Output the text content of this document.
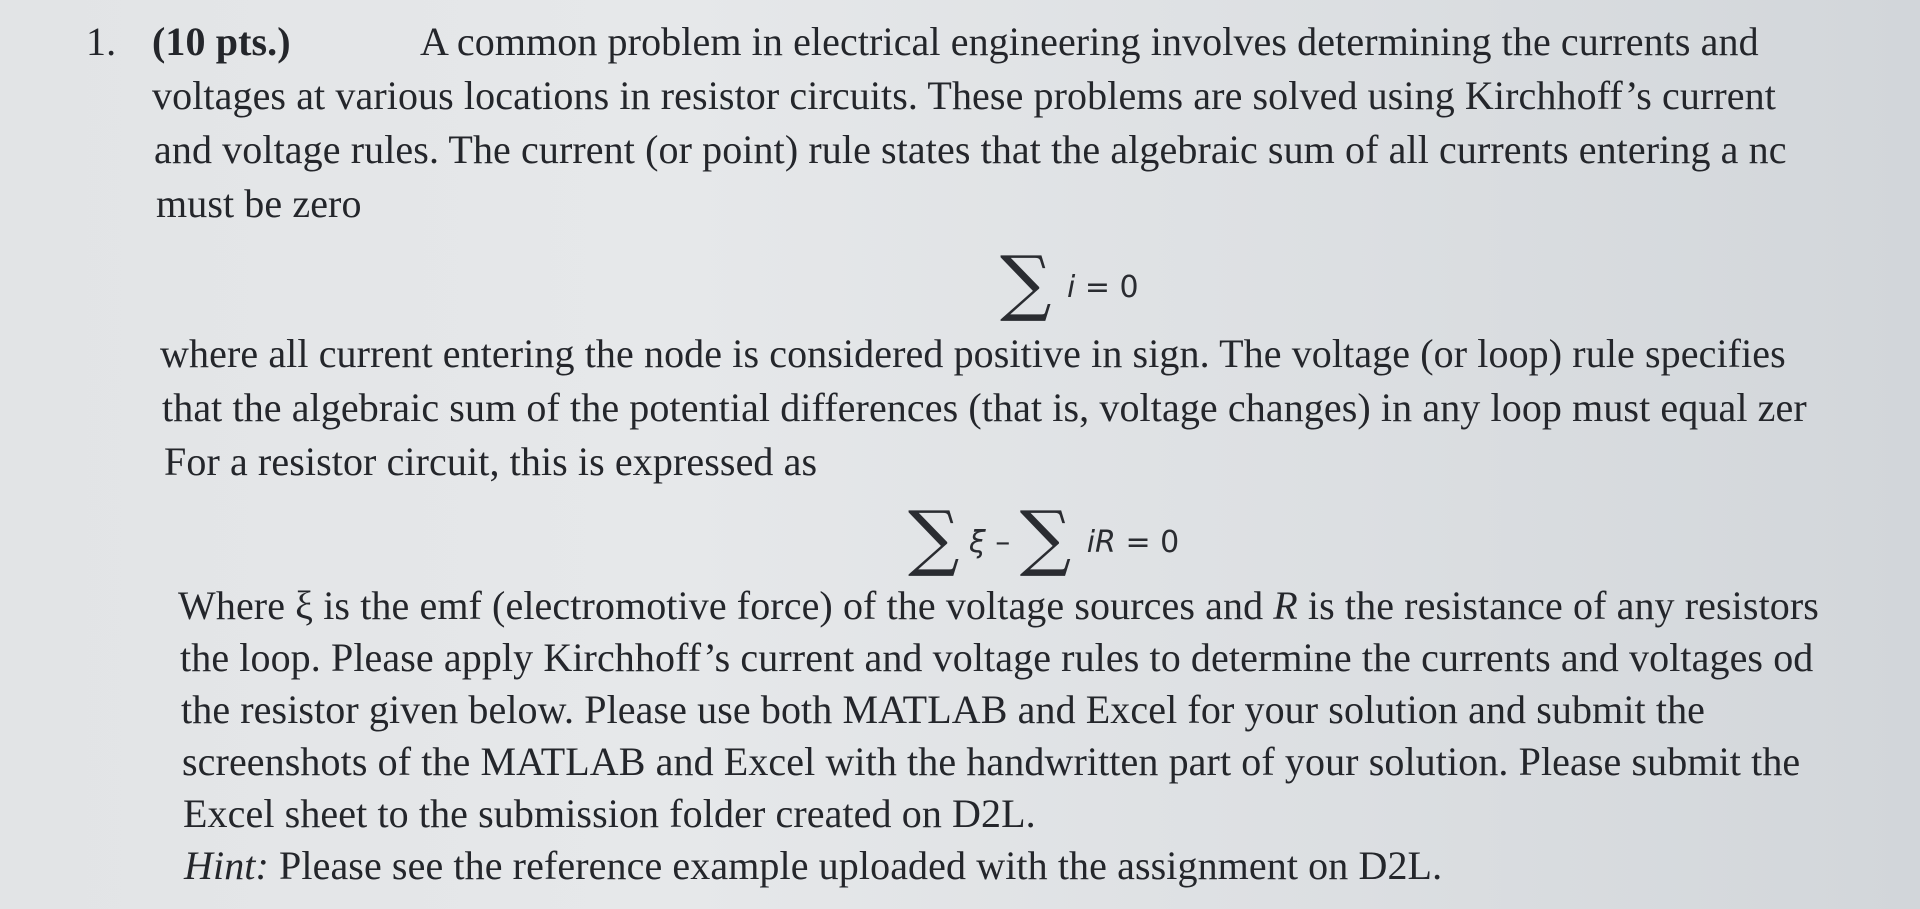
1. (10 pts.)	A common problem in electrical engineering involves determining the currents and
voltages at various locations in resistor circuits. These problems are solved using Kirchhoff’s current
and voltage rules. The current (or point) rule states that the algebraic sum of all currents entering a nc
must be zero
∑ i = 0
where all current entering the node is considered positive in sign. The voltage (or loop) rule specifies
that the algebraic sum of the potential differences (that is, voltage changes) in any loop must equal zer
For a resistor circuit, this is expressed as
∑ ξ – ∑ iR = 0
Where ξ is the emf (electromotive force) of the voltage sources and R is the resistance of any resistors
the loop. Please apply Kirchhoff’s current and voltage rules to determine the currents and voltages od
the resistor given below. Please use both MATLAB and Excel for your solution and submit the
screenshots of the MATLAB and Excel with the handwritten part of your solution. Please submit the
Excel sheet to the submission folder created on D2L.
Hint: Please see the reference example uploaded with the assignment on D2L.
